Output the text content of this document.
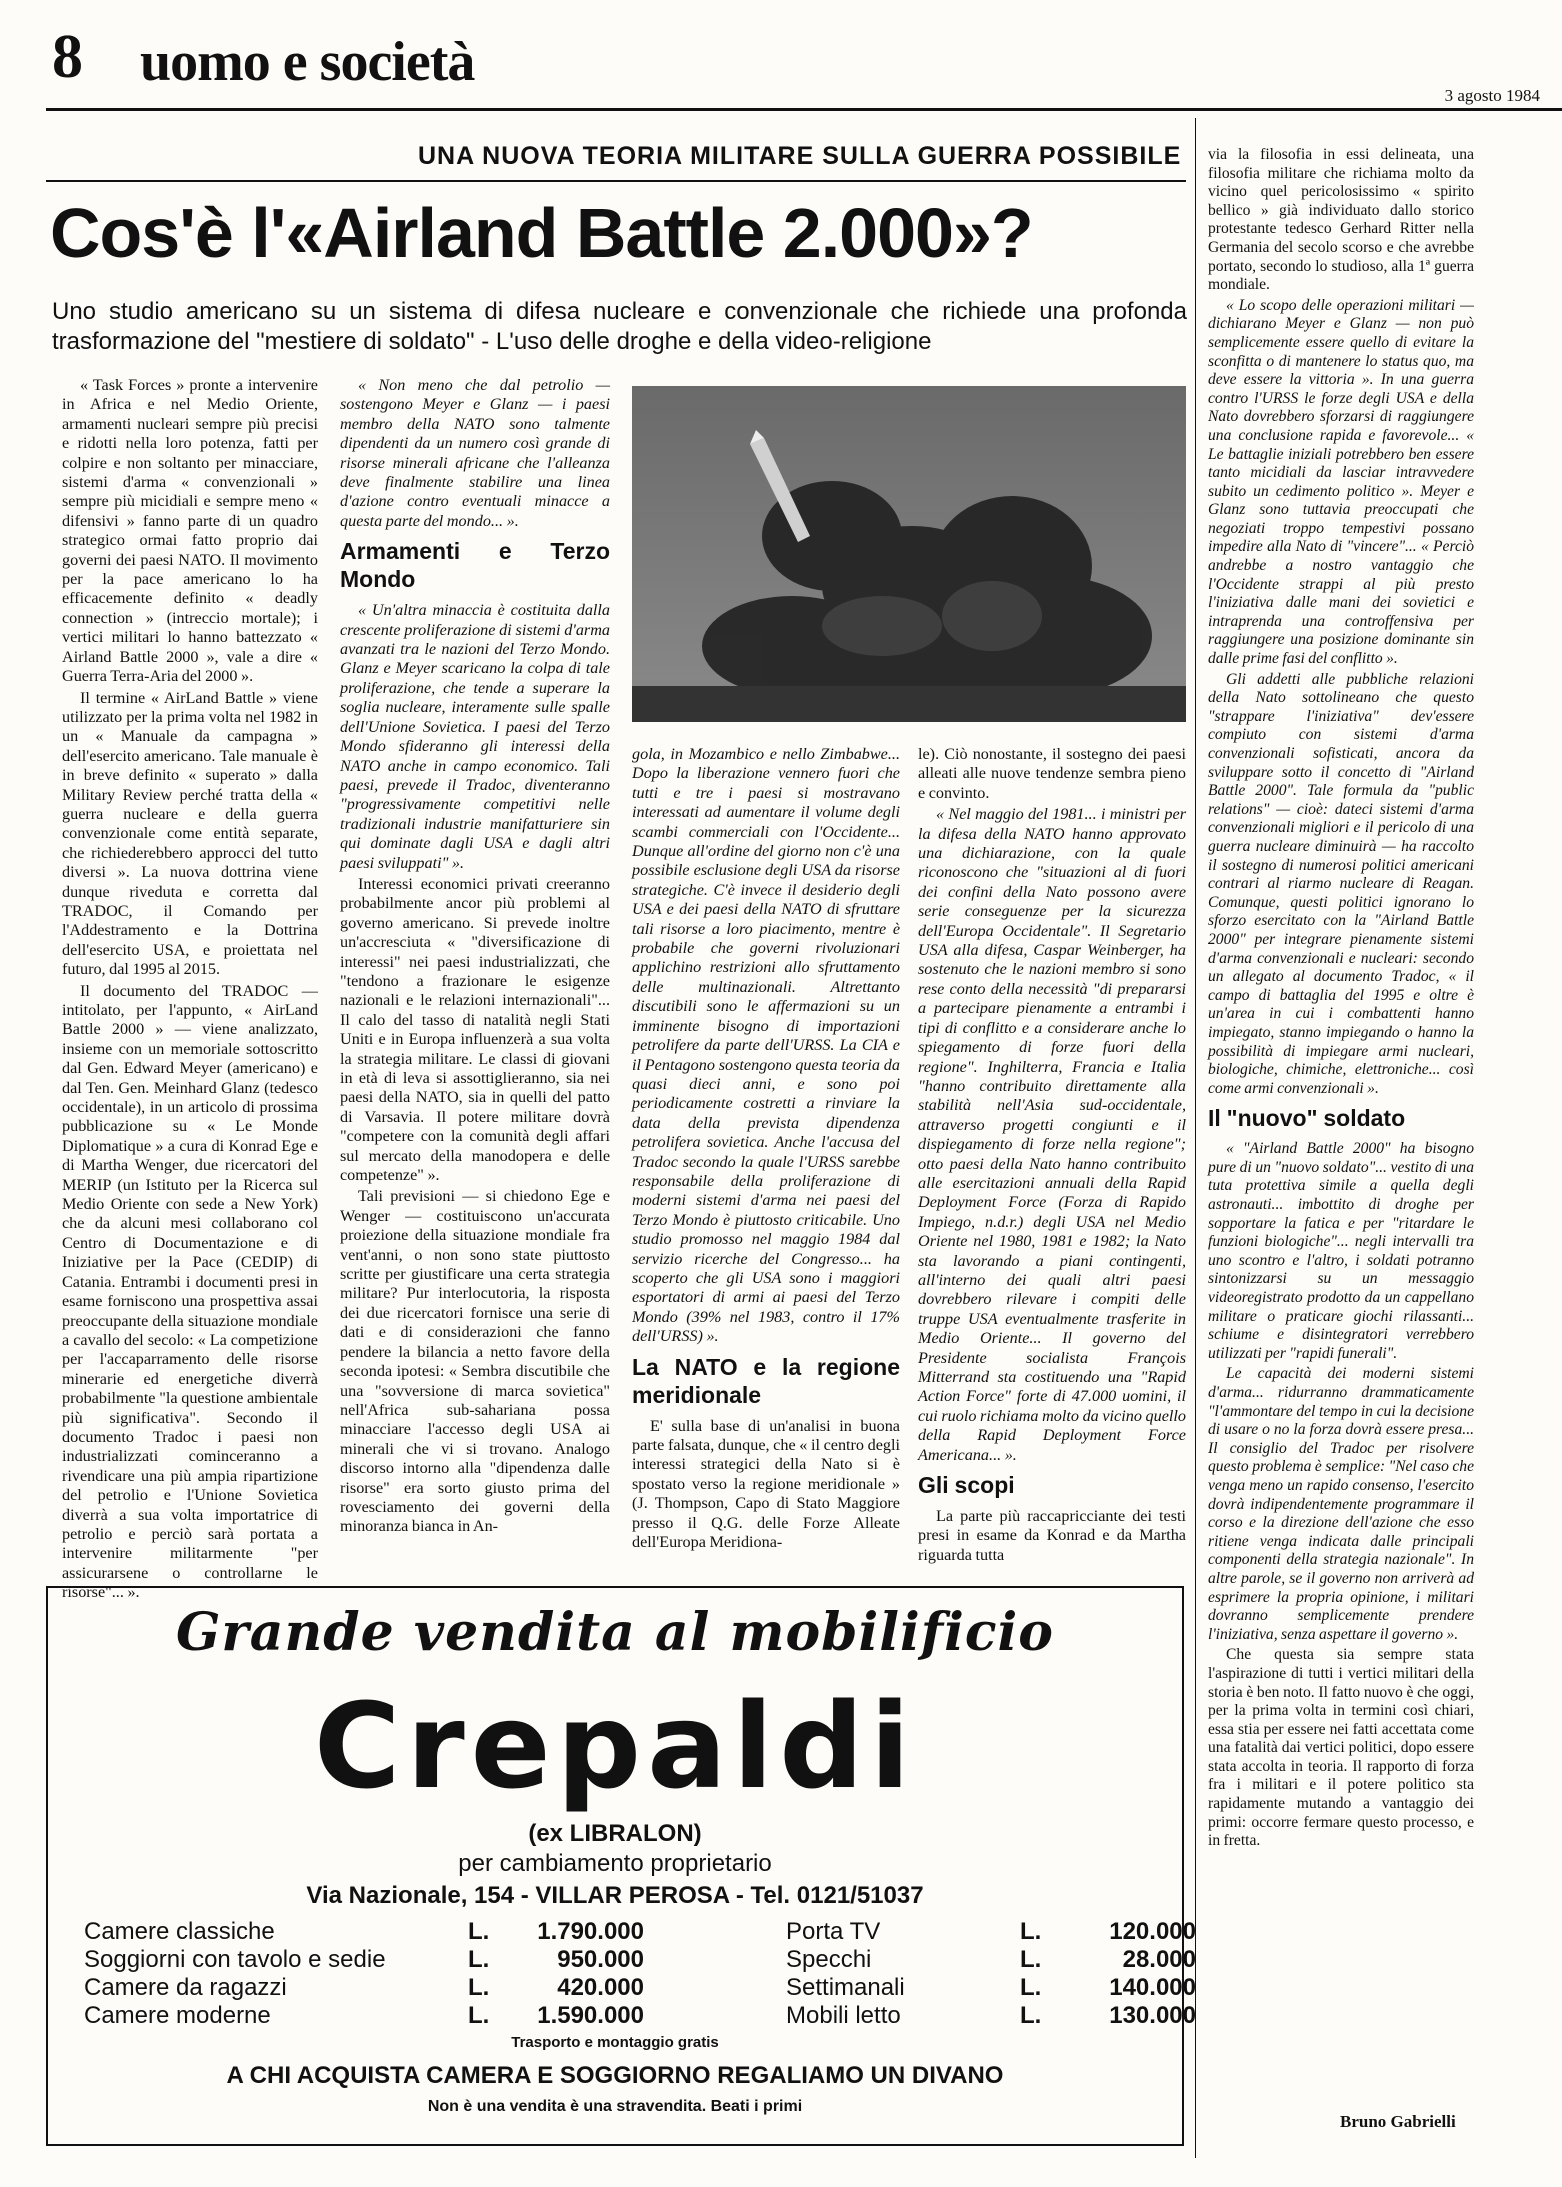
8 uomo e società
3 agosto 1984
UNA NUOVA TEORIA MILITARE SULLA GUERRA POSSIBILE
Cos'è l'«Airland Battle 2.000»?
Uno studio americano su un sistema di difesa nucleare e convenzionale che richiede una profonda trasformazione del "mestiere di soldato" - L'uso delle droghe e della video-religione

« Task Forces » pronte a intervenire in Africa e nel Medio Oriente, armamenti nucleari sempre più precisi e ridotti nella loro potenza, fatti per colpire e non soltanto per minacciare, sistemi d'arma « convenzionali » sempre più micidiali e sempre meno « difensivi » fanno parte di un quadro strategico ormai fatto proprio dai governi dei paesi NATO. Il movimento per la pace americano lo ha efficacemente definito « deadly connection » (intreccio mortale); i vertici militari lo hanno battezzato « Airland Battle 2000 », vale a dire « Guerra Terra-Aria del 2000 ».

Il termine « AirLand Battle » viene utilizzato per la prima volta nel 1982 in un « Manuale da campagna » dell'esercito americano. Tale manuale è in breve definito « superato » dalla Military Review perché tratta della « guerra nucleare e della guerra convenzionale come entità separate, che richiederebbero approcci del tutto diversi ». La nuova dottrina viene dunque riveduta e corretta dal TRADOC, il Comando per l'Addestramento e la Dottrina dell'esercito USA, e proiettata nel futuro, dal 1995 al 2015.

Il documento del TRADOC — intitolato, per l'appunto, « AirLand Battle 2000 » — viene analizzato, insieme con un memoriale sottoscritto dal Gen. Edward Meyer (americano) e dal Ten. Gen. Meinhard Glanz (tedesco occidentale), in un articolo di prossima pubblicazione su « Le Monde Diplomatique » a cura di Konrad Ege e di Martha Wenger, due ricercatori del MERIP (un Istituto per la Ricerca sul Medio Oriente con sede a New York) che da alcuni mesi collaborano col Centro di Documentazione e di Iniziative per la Pace (CEDIP) di Catania. Entrambi i documenti presi in esame forniscono una prospettiva assai preoccupante della situazione mondiale a cavallo del secolo: « La competizione per l'accaparramento delle risorse minerarie ed energetiche diverrà probabilmente "la questione ambientale più significativa". Secondo il documento Tradoc i paesi non industrializzati cominceranno a rivendicare una più ampia ripartizione del petrolio e l'Unione Sovietica diverrà a sua volta importatrice di petrolio e perciò sarà portata a intervenire militarmente "per assicurarsene o controllarne le risorse"... ».

« Non meno che dal petrolio — sostengono Meyer e Glanz — i paesi membro della NATO sono talmente dipendenti da un numero così grande di risorse minerali africane che l'alleanza deve finalmente stabilire una linea d'azione contro eventuali minacce a questa parte del mondo... ».

Armamenti e Terzo Mondo

« Un'altra minaccia è costituita dalla crescente proliferazione di sistemi d'arma avanzati tra le nazioni del Terzo Mondo. Glanz e Meyer scaricano la colpa di tale proliferazione, che tende a superare la soglia nucleare, interamente sulle spalle dell'Unione Sovietica. I paesi del Terzo Mondo sfideranno gli interessi della NATO anche in campo economico. Tali paesi, prevede il Tradoc, diventeranno "progressivamente competitivi nelle tradizionali industrie manifatturiere sin qui dominate dagli USA e dagli altri paesi sviluppati" ».

Interessi economici privati creeranno probabilmente ancor più problemi al governo americano. Si prevede inoltre un'accresciuta « "diversificazione di interessi" nei paesi industrializzati, che "tendono a frazionare le esigenze nazionali e le relazioni internazionali"... Il calo del tasso di natalità negli Stati Uniti e in Europa influenzerà a sua volta la strategia militare. Le classi di giovani in età di leva si assottiglieranno, sia nei paesi della NATO, sia in quelli del patto di Varsavia. Il potere militare dovrà "competere con la comunità degli affari sul mercato della manodopera e delle competenze" ».

Tali previsioni — si chiedono Ege e Wenger — costituiscono un'accurata proiezione della situazione mondiale fra vent'anni, o non sono state piuttosto scritte per giustificare una certa strategia militare? Pur interlocutoria, la risposta dei due ricercatori fornisce una serie di dati e di considerazioni che fanno pendere la bilancia a netto favore della seconda ipotesi: « Sembra discutibile che una "sovversione di marca sovietica" nell'Africa sub-sahariana possa minacciare l'accesso degli USA ai minerali che vi si trovano. Analogo discorso intorno alla "dipendenza dalle risorse" era sorto giusto prima del rovesciamento dei governi della minoranza bianca in An-

gola, in Mozambico e nello Zimbabwe... Dopo la liberazione vennero fuori che tutti e tre i paesi si mostravano interessati ad aumentare il volume degli scambi commerciali con l'Occidente... Dunque all'ordine del giorno non c'è una possibile esclusione degli USA da risorse strategiche. C'è invece il desiderio degli USA e dei paesi della NATO di sfruttare tali risorse a loro piacimento, mentre è probabile che governi rivoluzionari applichino restrizioni allo sfruttamento delle multinazionali. Altrettanto discutibili sono le affermazioni su un imminente bisogno di importazioni petrolifere da parte dell'URSS. La CIA e il Pentagono sostengono questa teoria da quasi dieci anni, e sono poi periodicamente costretti a rinviare la data della prevista dipendenza petrolifera sovietica. Anche l'accusa del Tradoc secondo la quale l'URSS sarebbe responsabile della proliferazione di moderni sistemi d'arma nei paesi del Terzo Mondo è piuttosto criticabile. Uno studio promosso nel maggio 1984 dal servizio ricerche del Congresso... ha scoperto che gli USA sono i maggiori esportatori di armi ai paesi del Terzo Mondo (39% nel 1983, contro il 17% dell'URSS) ».

La NATO e la regione meridionale

E' sulla base di un'analisi in buona parte falsata, dunque, che « il centro degli interessi strategici della Nato si è spostato verso la regione meridionale » (J. Thompson, Capo di Stato Maggiore presso il Q.G. delle Forze Alleate dell'Europa Meridiona-

le). Ciò nonostante, il sostegno dei paesi alleati alle nuove tendenze sembra pieno e convinto.

« Nel maggio del 1981... i ministri per la difesa della NATO hanno approvato una dichiarazione, con la quale riconoscono che "situazioni al di fuori dei confini della Nato possono avere serie conseguenze per la sicurezza dell'Europa Occidentale". Il Segretario USA alla difesa, Caspar Weinberger, ha sostenuto che le nazioni membro si sono rese conto della necessità "di prepararsi a partecipare pienamente a entrambi i tipi di conflitto e a considerare anche lo spiegamento di forze fuori della regione". Inghilterra, Francia e Italia "hanno contribuito direttamente alla stabilità nell'Asia sud-occidentale, attraverso progetti congiunti e il dispiegamento di forze nella regione"; otto paesi della Nato hanno contribuito alle esercitazioni annuali della Rapid Deployment Force (Forza di Rapido Impiego, n.d.r.) degli USA nel Medio Oriente nel 1980, 1981 e 1982; la Nato sta lavorando a piani contingenti, all'interno dei quali altri paesi dovrebbero rilevare i compiti delle truppe USA eventualmente trasferite in Medio Oriente... Il governo del Presidente socialista François Mitterrand sta costituendo una "Rapid Action Force" forte di 47.000 uomini, il cui ruolo richiama molto da vicino quello della Rapid Deployment Force Americana... ».

Gli scopi

La parte più raccapricciante dei testi presi in esame da Konrad e da Martha riguarda tutta

via la filosofia in essi delineata, una filosofia militare che richiama molto da vicino quel pericolosissimo « spirito bellico » già individuato dallo storico protestante tedesco Gerhard Ritter nella Germania del secolo scorso e che avrebbe portato, secondo lo studioso, alla 1ª guerra mondiale.

« Lo scopo delle operazioni militari — dichiarano Meyer e Glanz — non può semplicemente essere quello di evitare la sconfitta o di mantenere lo status quo, ma deve essere la vittoria ». In una guerra contro l'URSS le forze degli USA e della Nato dovrebbero sforzarsi di raggiungere una conclusione rapida e favorevole... « Le battaglie iniziali potrebbero ben essere tanto micidiali da lasciar intravvedere subito un cedimento politico ». Meyer e Glanz sono tuttavia preoccupati che negoziati troppo tempestivi possano impedire alla Nato di "vincere"... « Perciò andrebbe a nostro vantaggio che l'Occidente strappi al più presto l'iniziativa dalle mani dei sovietici e intraprenda una controffensiva per raggiungere una posizione dominante sin dalle prime fasi del conflitto ».

Gli addetti alle pubbliche relazioni della Nato sottolineano che questo "strappare l'iniziativa" dev'essere compiuto con sistemi d'arma convenzionali sofisticati, ancora da sviluppare sotto il concetto di "Airland Battle 2000". Tale formula da "public relations" — cioè: dateci sistemi d'arma convenzionali migliori e il pericolo di una guerra nucleare diminuirà — ha raccolto il sostegno di numerosi politici americani contrari al riarmo nucleare di Reagan. Comunque, questi politici ignorano lo sforzo esercitato con la "Airland Battle 2000" per integrare pienamente sistemi d'arma convenzionali e nucleari: secondo un allegato al documento Tradoc, « il campo di battaglia del 1995 e oltre è un'area in cui i combattenti hanno impiegato, stanno impiegando o hanno la possibilità di impiegare armi nucleari, biologiche, chimiche, elettroniche... così come armi convenzionali ».

Il "nuovo" soldato

« "Airland Battle 2000" ha bisogno pure di un "nuovo soldato"... vestito di una tuta protettiva simile a quella degli astronauti... imbottito di droghe per sopportare la fatica e per "ritardare le funzioni biologiche"... negli intervalli tra uno scontro e l'altro, i soldati potranno sintonizzarsi su un messaggio videoregistrato prodotto da un cappellano militare o praticare giochi rilassanti... schiume e disintegratori verrebbero utilizzati per "rapidi funerali".

Le capacità dei moderni sistemi d'arma... ridurranno drammaticamente "l'ammontare del tempo in cui la decisione di usare o no la forza dovrà essere presa... Il consiglio del Tradoc per risolvere questo problema è semplice: "Nel caso che venga meno un rapido consenso, l'esercito dovrà indipendentemente programmare il corso e la direzione dell'azione che esso ritiene venga indicata dalle principali componenti della strategia nazionale". In altre parole, se il governo non arriverà ad esprimere la propria opinione, i militari dovranno semplicemente prendere l'iniziativa, senza aspettare il governo ».

Che questa sia sempre stata l'aspirazione di tutti i vertici militari della storia è ben noto. Il fatto nuovo è che oggi, per la prima volta in termini così chiari, essa stia per essere nei fatti accettata come una fatalità dai vertici politici, dopo essere stata accolta in teoria. Il rapporto di forza fra i militari e il potere politico sta rapidamente mutando a vantaggio dei primi: occorre fermare questo processo, e in fretta.

Bruno Gabrielli
Grande vendita al mobilificio
Crepaldi
(ex LIBRALON)
per cambiamento proprietario
Via Nazionale, 154 - VILLAR PEROSA - Tel. 0121/51037
Camere classiche	L.	1.790.000
Soggiorni con tavolo e sedie	L.	950.000
Camere da ragazzi	L.	420.000
Camere moderne	L.	1.590.000
Porta TV	L.	120.000
Specchi	L.	28.000
Settimanali	L.	140.000
Mobili letto	L.	130.000
Trasporto e montaggio gratis
A CHI ACQUISTA CAMERA E SOGGIORNO REGALIAMO UN DIVANO
Non è una vendita è una stravendita. Beati i primi
